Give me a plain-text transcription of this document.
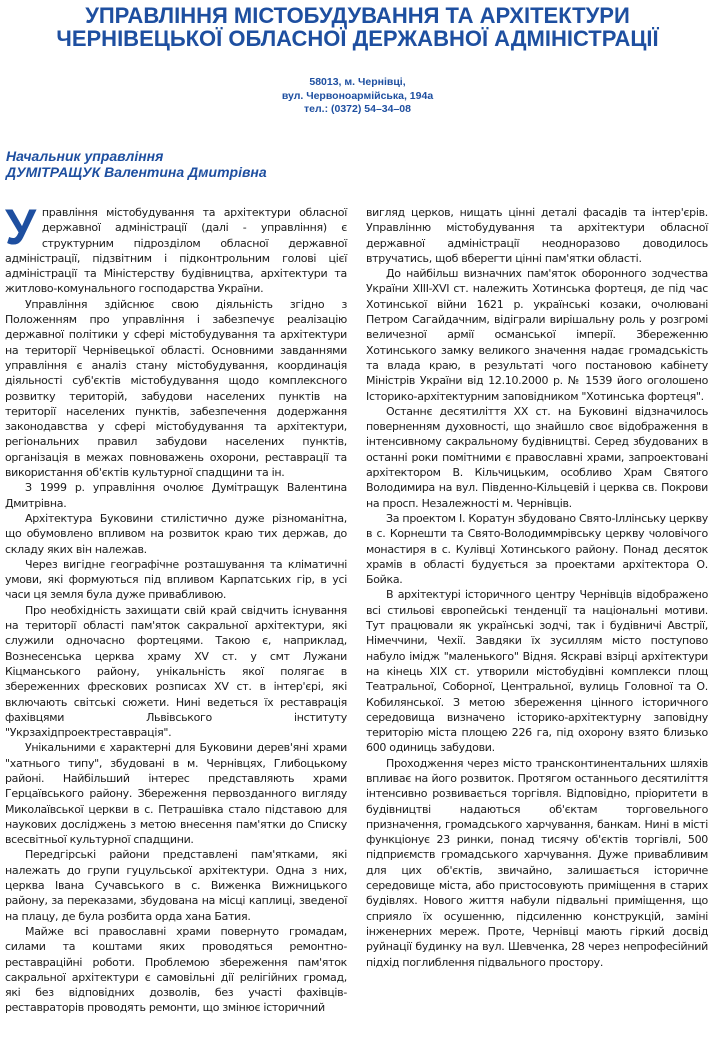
УПРАВЛІННЯ МІСТОБУДУВАННЯ ТА АРХІТЕКТУРИ
ЧЕРНІВЕЦЬКОЇ ОБЛАСНОЇ ДЕРЖАВНОЇ АДМІНІСТРАЦІЇ
58013, м. Чернівці,
вул. Червоноармійська, 194а
тел.: (0372) 54–34–08
Начальник управління
ДУМІТРАЩУК Валентина Дмитрівна

Управління містобудування та архітектури обласної державної адміністрації (далі - управління) є структурним підрозділом обласної державної адміністрації, підзвітним і підконтрольним голові цієї адміністрації та Міністерству будівництва, архітектури та житлово-комунального господарства України.

Управління здійснює свою діяльність згідно з Положенням про управління і забезпечує реалізацію державної політики у сфері містобудування та архітектури на території Чернівецької області. Основними завданнями управління є аналіз стану містобудування, координація діяльності суб'єктів містобудування щодо комплексного розвитку територій, забудови населених пунктів на території населених пунктів, забезпечення додержання законодавства у сфері містобудування та архітектури, регіональних правил забудови населених пунктів, організація в межах повноважень охорони, реставрації та використання об'єктів культурної спадщини та ін.

З 1999 р. управління очолює Думітращук Валентина Дмитрівна.

Архітектура Буковини стилістично дуже різноманітна, що обумовлено впливом на розвиток краю тих держав, до складу яких він належав.

Через вигідне географічне розташування та кліматичні умови, які формуються під впливом Карпатських гір, в усі часи ця земля була дуже привабливою.

Про необхідність захищати свій край свідчить існування на території області пам'яток сакральної архітектури, які служили одночасно фортецями. Такою є, наприклад, Вознесенська церква храму XV ст. у смт Лужани Кіцманського району, унікальність якої полягає в збереженних фрескових розписах XV ст. в інтер'єрі, які включають світські сюжети. Нині ведеться їх реставрація фахівцями Львівського інституту "Укрзахідпроектреставрація".

Унікальними є характерні для Буковини дерев'яні храми "хатнього типу", збудовані в м. Чернівцях, Глибоцькому районі. Найбільший інтерес представляють храми Герцаївського району. Збереження первозданного вигляду Миколаївської церкви в с. Петрашівка стало підставою для наукових досліджень з метою внесення пам'ятки до Списку всесвітньої культурної спадщини.

Передгірські райони представлені пам'ятками, які належать до групи гуцульської архітектури. Одна з них, церква Івана Сучавського в с. Виженка Вижницького району, за переказами, збудована на місці каплиці, зведеної на плацу, де була розбита орда хана Батия.

Майже всі православні храми повернуто громадам, силами та коштами яких проводяться ремонтно-реставраційні роботи. Проблемою збереження пам'яток сакральної архітектури є самовільні дії релігійних громад, які без відповідних дозволів, без участі фахівців-реставраторів проводять ремонти, що змінює історичний

вигляд церков, нищать цінні деталі фасадів та інтер'єрів. Управлінню містобудування та архітектури обласної державної адміністрації неодноразово доводилось втручатись, щоб вберегти цінні пам'ятки області.

До найбільш визначних пам'яток оборонного зодчества України XIII-XVI ст. належить Хотинська фортеця, де під час Хотинської війни 1621 р. українські козаки, очолювані Петром Сагайдачним, відіграли вирішальну роль у розгромі величезної армії османської імперії. Збереженню Хотинського замку великого значення надає громадськість та влада краю, в результаті чого постановою кабінету Міністрів України від 12.10.2000 р. № 1539 його оголошено Історико-архітектурним заповідником "Хотинська фортеця".

Останнє десятиліття XX ст. на Буковині відзначилось поверненням духовності, що знайшло своє відображення в інтенсивному сакральному будівництві. Серед збудованих в останні роки помітними є православні храми, запроектовані архітектором В. Кільчицьким, особливо Храм Святого Володимира на вул. Південно-Кільцевій і церква св. Покрови на просп. Незалежності м. Чернівців.

За проектом І. Коратун збудовано Свято-Іллінську церкву в с. Корнешти та Свято-Володиммрівську церкву чоловічого монастиря в с. Кулівці Хотинського району. Понад десяток храмів в області будується за проектами архітектора О. Бойка.

В архітектурі історичного центру Чернівців відображено всі стильові європейські тенденції та національні мотиви. Тут працювали як українські зодчі, так і будівничі Австрії, Німеччини, Чехії. Завдяки їх зусиллям місто поступово набуло імідж "маленького" Відня. Яскраві взірці архітектури на кінець XIX ст. утворили містобудівні комплекси площ Театральної, Соборної, Центральної, вулиць Головної та О. Кобилянської. З метою збереження цінного історичного середовища визначено історико-архітектурну заповідну територію міста площею 226 га, під охорону взято близько 600 одиниць забудови.

Проходження через місто трансконтинентальних шляхів впливає на його розвиток. Протягом останнього десятиліття інтенсивно розвивається торгівля. Відповідно, пріоритети в будівництві надаються об'єктам торговельного призначення, громадського харчування, банкам. Нині в місті функціонує 23 ринки, понад тисячу об'єктів торгівлі, 500 підприємств громадського харчування. Дуже привабливим для цих об'єктів, звичайно, залишається історичне середовище міста, або пристосовують приміщення в старих будівлях. Нового життя набули підвальні приміщення, що сприяло їх осушенню, підсиленню конструкцій, заміні інженерних мереж. Проте, Чернівці мають гіркий досвід руйнації будинку на вул. Шевченка, 28 через непрофесійний підхід поглиблення підвального простору.
